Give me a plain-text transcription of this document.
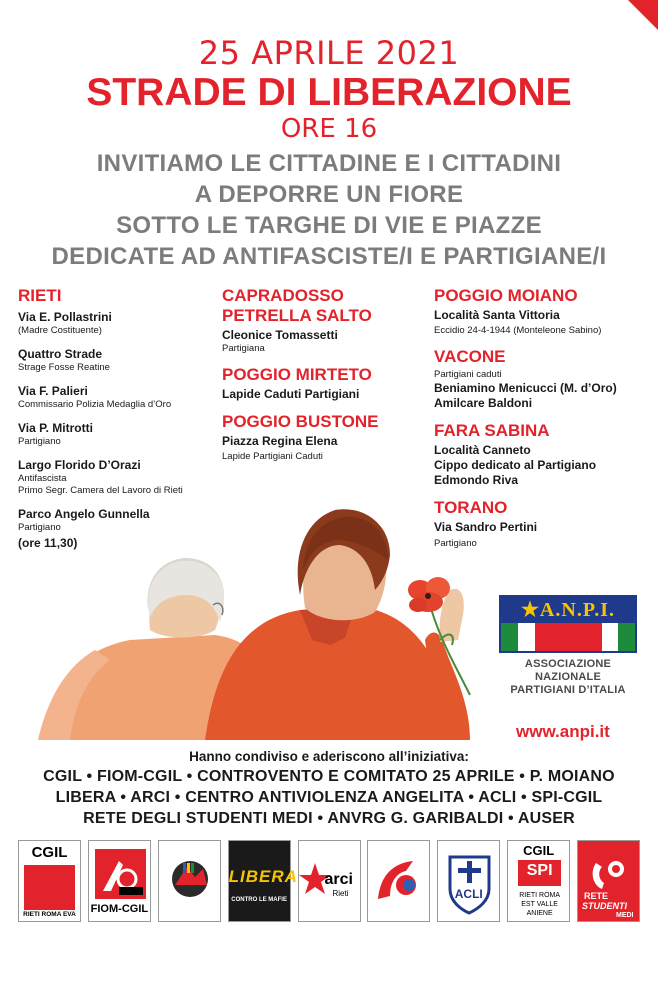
25 APRILE 2021
STRADE DI LIBERAZIONE
ORE 16
INVITIAMO LE CITTADINE E I CITTADINI
A DEPORRE UN FIORE
SOTTO LE TARGHE DI VIE E PIAZZE
DEDICATE AD ANTIFASCISTE/I E PARTIGIANE/I
RIETI
Via E. Pollastrini
(Madre Costituente)
Quattro Strade
Strage Fosse Reatine
Via F. Palieri
Commissario Polizia Medaglia d’Oro
Via P. Mitrotti
Partigiano
Largo Florido D’Orazi
Antifascista
Primo Segr. Camera del Lavoro di Rieti
Parco Angelo Gunnella
Partigiano
(ore 11,30)
CAPRADOSSO
PETRELLA SALTO
Cleonice Tomassetti
Partigiana
POGGIO MIRTETO
Lapide Caduti Partigiani
POGGIO BUSTONE
Piazza Regina Elena
Lapide Partigiani Caduti
POGGIO MOIANO
Località Santa Vittoria
Eccidio 24-4-1944 (Monteleone Sabino)
VACONE
Partigiani caduti
Beniamino Menicucci (M. d’Oro)
Amilcare Baldoni
FARA SABINA
Località Canneto
Cippo dedicato al Partigiano
Edmondo Riva
TORANO
Via Sandro Pertini
Partigiano
★A.N.P.I.
ASSOCIAZIONE NAZIONALE
PARTIGIANI D’ITALIA
www.anpi.it
Hanno condiviso e aderiscono all’iniziativa:
CGIL • FIOM-CGIL • CONTROVENTO E COMITATO 25 APRILE • P. MOIANO
LIBERA • ARCI • CENTRO ANTIVIOLENZA ANGELITA • ACLI • SPI-CGIL
RETE DEGLI STUDENTI MEDI • ANVRG G. GARIBALDI • AUSER
CGIL
RIETI ROMA EVA	FIOM-CGIL
LIBERA
CONTRO LE MAFIE
arci
Rieti	ACLI
CGIL
SPI
RIETI ROMA EST VALLE ANIENE
RETE
STUDENTI
MEDI
